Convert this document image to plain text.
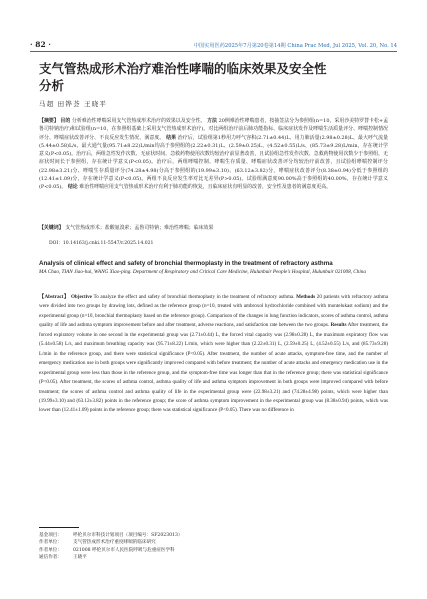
· 82 ·	中国实用医药2025年7月第20卷第14期 China Prac Med, Jul 2025, Vol. 20, No. 14
支气管热成形术治疗难治性哮喘的临床效果及安全性分析
马超 田铧荟 王晓平
【摘要】 目的 分析难治性哮喘采用支气管热成形术治疗的效果以及安全性。 方法 20例难治性哮喘患者，按抽签法分为参照组(n=10，采用沙美特罗替卡松+孟鲁司特钠治疗)和试验组(n=10，在参照组基础上采用支气管热成形术治疗)。对比两组治疗前后肺功能指标、临床症状发作及哮喘生活质量评分、哮喘控制情况评分、哮喘症状改善评分、不良反应发生情况、满意度。 结果 治疗后，试验组第1秒用力呼气容积(2.71±0.44)L、用力肺活量(2.98±0.28)L、最大呼气流量(5.44±0.58)L/s、最大通气量(95.71±8.22)L/min均高于参照组的(2.22±0.31)L、(2.59±0.25)L、(4.52±0.55)L/s、(85.73±9.28)L/min，存在统计学意义(P<0.05)。治疗后，两组急性发作次数、无症状时间、急救药物使用次数均较治疗前显著改善，且试验组急性发作次数、急救药物使用次数少于参照组，无症状时间长于参照组，存在统计学意义(P<0.05)。治疗后，两组哮喘控制、哮喘生存质量、哮喘症状改善评分均较治疗前改善，且试验组哮喘控制评分(22.98±3.21)分、哮喘生存质量评分(74.28±4.98)分高于参照组的(19.99±3.10)、(63.12±3.82)分，哮喘症状改善评分(8.38±0.94)分低于参照组的(12.41±1.09)分，存在统计学意义(P<0.05)。两组不良反应发生率对比无差异(P>0.05)。试验组满意度90.00%高于参照组的40.00%，存在统计学意义(P<0.05)。 结论 难治性哮喘应用支气管热成形术治疗有利于肺功能的恢复，且临床症状有明显的改善，安全性及患者的满意度更高。
【关键词】 支气管热成形术；盐酸氨溴索；孟鲁司特钠；难治性哮喘；临床效果
DOI：10.14163/j.cnki.11-5547/r.2025.14.021
Analysis of clinical effect and safety of bronchial thermoplasty in the treatment of refractory asthma
MA Chao, TIAN Jiao-hui, WANG Xiao-ping. Department of Respiratory and Critical Care Medicine, Hulunbuir People's Hospital, Hulunbuir 021008, China
【Abstract】 Objective To analyze the effect and safety of bronchial thermoplasty in the treatment of refractory asthma. Methods 20 patients with refractory asthma were divided into two groups by drawing lots, defined as the reference group (n=10, treated with ambroxol hydrochloride combined with montelukast sodium) and the experimental group (n=10, bronchial thermoplasty based on the reference group). Comparison of the changes in lung function indicators, scores of asthma control, asthma quality of life and asthma symptom improvement before and after treatment, adverse reactions, and satisfaction rate between the two groups. Results After treatment, the forced expiratory volume in one second in the experimental group was (2.71±0.44) L, the forced vital capacity was (2.98±0.28) L, the maximum expiratory flow was (5.44±0.58) L/s, and maximum breathing capacity was (95.71±8.22) L/min, which were higher than (2.22±0.31) L, (2.59±0.25) L, (4.52±0.55) L/s, and (85.73±9.28) L/min in the reference group, and there were statistical significance (P<0.05). After treatment, the number of acute attacks, symptom-free time, and the number of emergency medication use in both groups were significantly improved compared with before treatment; the number of acute attacks and emergency medication use in the experimental group were less than those in the reference group, and the symptom-free time was longer than that in the reference group; there was statistical significance (P<0.05). After treatment, the scores of asthma control, asthma quality of life and asthma symptom improvement in both groups were improved compared with before treatment; the scores of asthma control and asthma quality of life in the experimental group were (22.98±3.21) and (74.28±4.98) points, which were higher than (19.99±3.10) and (63.12±3.82) points in the reference group; the score of asthma symptom improvement in the experimental group was (8.38±0.94) points, which was lower than (12.41±1.09) points in the reference group; there was statistical significance (P<0.05). There was no difference in
基金项目： 呼伦贝尔市科技计划项目（项目编号：SF2023013）
作者单位： 支气管热成形术治疗重度哮喘的临床研究
作者单位： 021008 呼伦贝尔市人民医院呼吸与危重症医学科
通信作者： 王晓平
